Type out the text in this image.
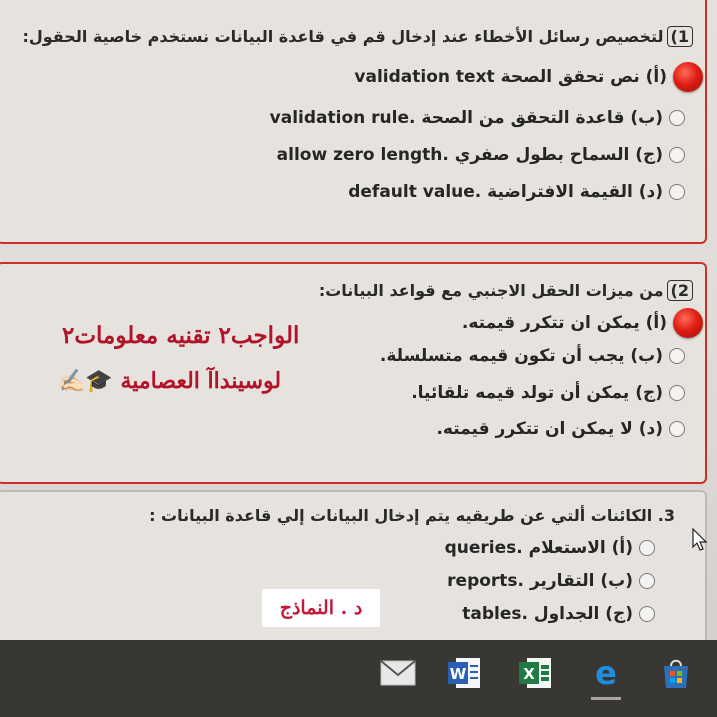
1)لتخصيص رسائل الأخطاء عند إدخال قم في قاعدة البيانات نستخدم خاصية الحقول:
(أ) نص تحقق الصحة validation text
(ب) قاعدة التحقق من الصحة validation rule.
(ج) السماح بطول صفري allow zero length.
(د) القيمة الافتراضية default value.
2)من ميزات الحقل الاجنبي مع قواعد البيانات:
(أ) يمكن ان تتكرر قيمته.
(ب) يجب أن تكون قيمه متسلسلة.
(ج) يمكن أن تولد قيمه تلقائيا.
(د) لا يمكن ان تتكرر قيمته.
3. الكائنات ألتي عن طريقيه يتم إدخال البيانات إلي قاعدة البيانات :
(أ) الاستعلام queries.
(ب) التقارير reports.
(ج) الجداول tables.
الواجب٢ تقنيه معلومات٢
لوسينداآ العصامية 🎓✍🏻
د . النماذج
W	X e
